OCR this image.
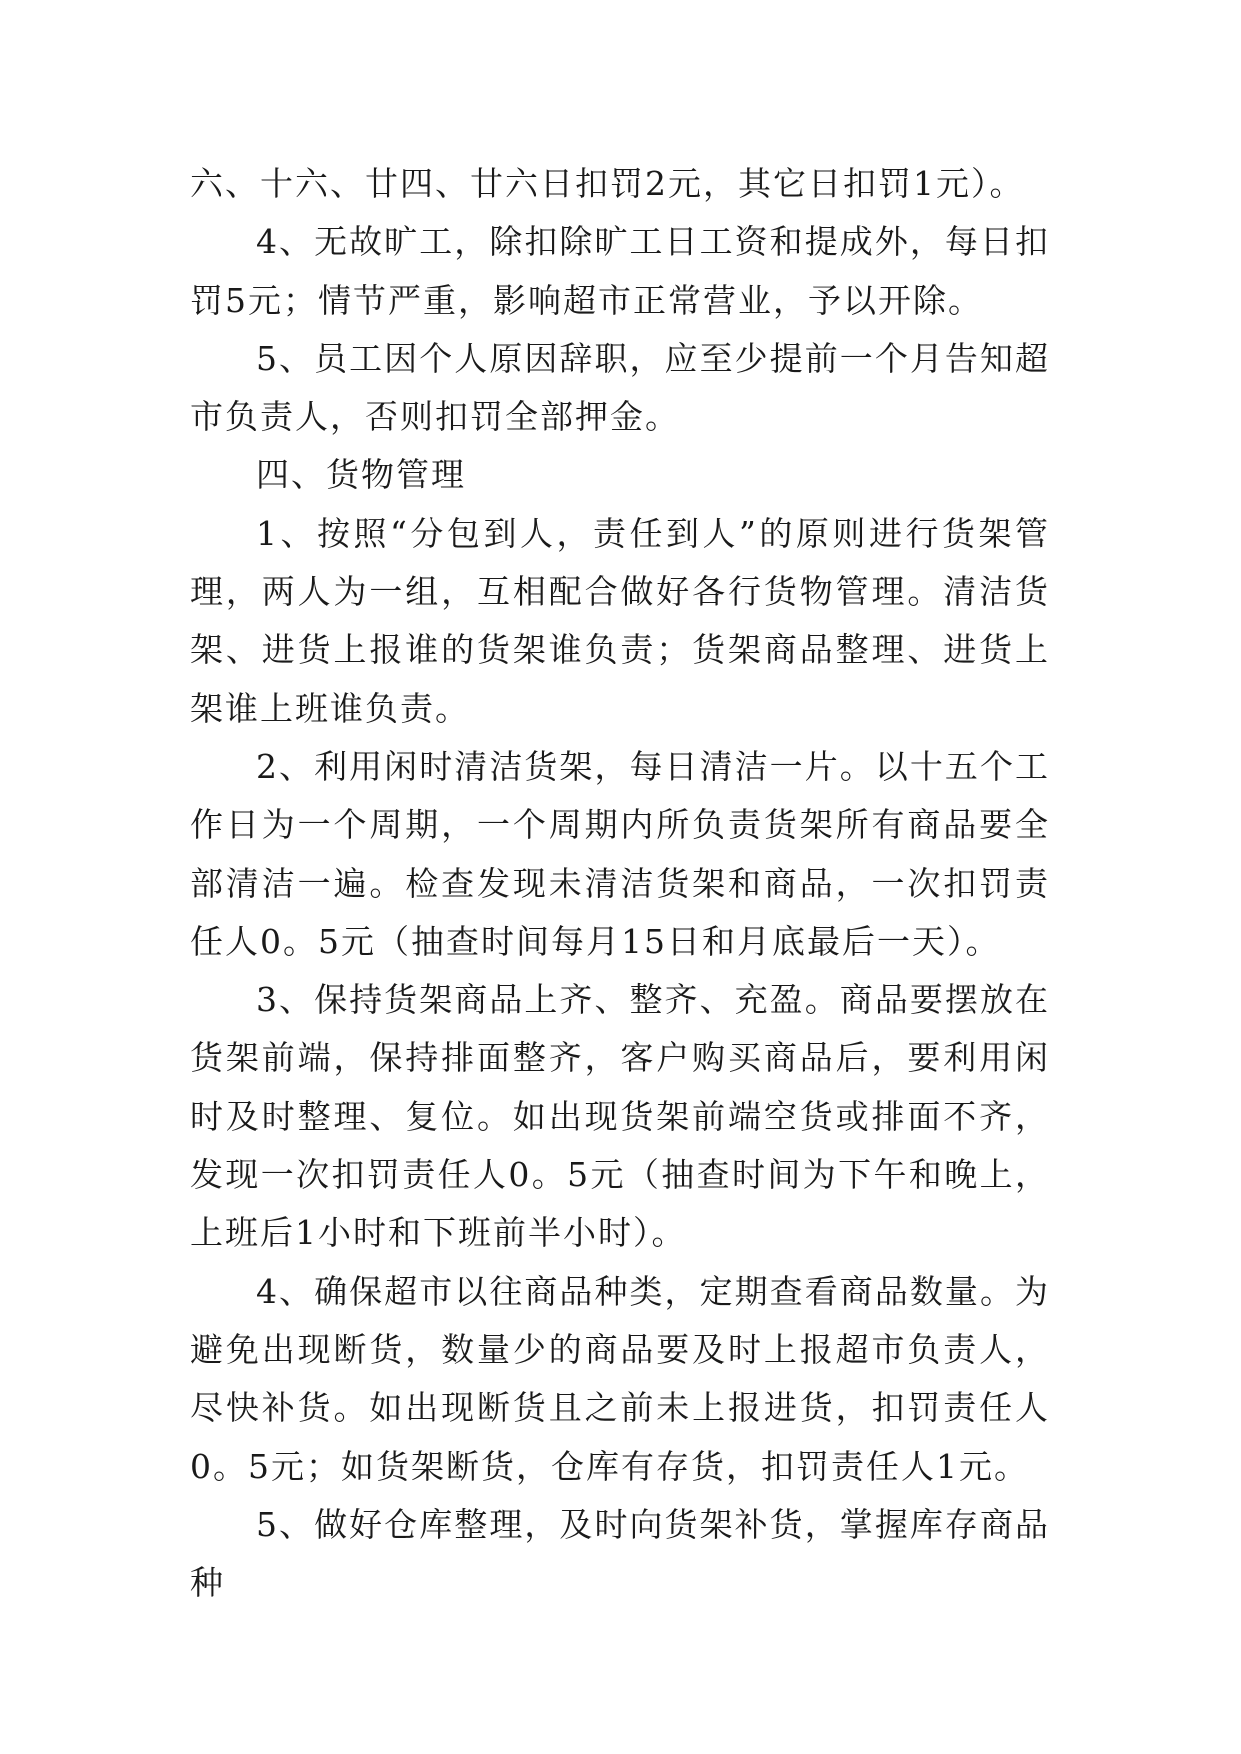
六、十六、廿四、廿六日扣罚2元，其它日扣罚1元）。

4、无故旷工，除扣除旷工日工资和提成外，每日扣罚5元；情节严重，影响超市正常营业，予以开除。

5、员工因个人原因辞职，应至少提前一个月告知超市负责人，否则扣罚全部押金。

四、货物管理

1、按照“分包到人，责任到人”的原则进行货架管理，两人为一组，互相配合做好各行货物管理。清洁货架、进货上报谁的货架谁负责；货架商品整理、进货上架谁上班谁负责。

2、利用闲时清洁货架，每日清洁一片。以十五个工作日为一个周期，一个周期内所负责货架所有商品要全部清洁一遍。检查发现未清洁货架和商品，一次扣罚责任人0。5元（抽查时间每月15日和月底最后一天）。

3、保持货架商品上齐、整齐、充盈。商品要摆放在货架前端，保持排面整齐，客户购买商品后，要利用闲时及时整理、复位。如出现货架前端空货或排面不齐，发现一次扣罚责任人0。5元（抽查时间为下午和晚上，上班后1小时和下班前半小时）。

4、确保超市以往商品种类，定期查看商品数量。为避免出现断货，数量少的商品要及时上报超市负责人，尽快补货。如出现断货且之前未上报进货，扣罚责任人0。5元；如货架断货，仓库有存货，扣罚责任人1元。

5、做好仓库整理，及时向货架补货，掌握库存商品种
